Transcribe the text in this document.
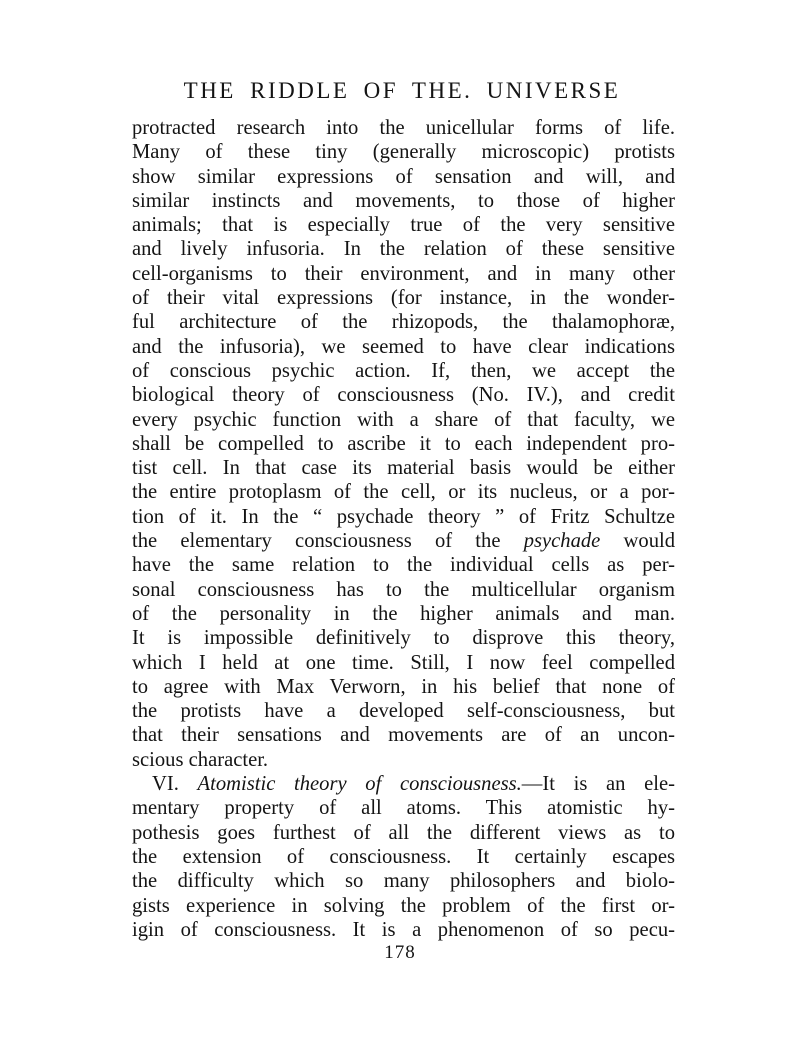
THE RIDDLE OF THE. UNIVERSE
protracted research into the unicellular forms of life.
Many of these tiny (generally microscopic) protists
show similar expressions of sensation and will, and
similar instincts and movements, to those of higher
animals; that is especially true of the very sensitive
and lively infusoria. In the relation of these sensitive
cell-organisms to their environment, and in many other
of their vital expressions (for instance, in the wonder-
ful architecture of the rhizopods, the thalamophoræ,
and the infusoria), we seemed to have clear indications
of conscious psychic action. If, then, we accept the
biological theory of consciousness (No. IV.), and credit
every psychic function with a share of that faculty, we
shall be compelled to ascribe it to each independent pro-
tist cell. In that case its material basis would be either
the entire protoplasm of the cell, or its nucleus, or a por-
tion of it. In the “ psychade theory ” of Fritz Schultze
the elementary consciousness of the psychade would
have the same relation to the individual cells as per-
sonal consciousness has to the multicellular organism
of the personality in the higher animals and man.
It is impossible definitively to disprove this theory,
which I held at one time. Still, I now feel compelled
to agree with Max Verworn, in his belief that none of
the protists have a developed self-consciousness, but
that their sensations and movements are of an uncon-
scious character.
VI. Atomistic theory of consciousness.—It is an ele-
mentary property of all atoms. This atomistic hy-
pothesis goes furthest of all the different views as to
the extension of consciousness. It certainly escapes
the difficulty which so many philosophers and biolo-
gists experience in solving the problem of the first or-
igin of consciousness. It is a phenomenon of so pecu-
178
